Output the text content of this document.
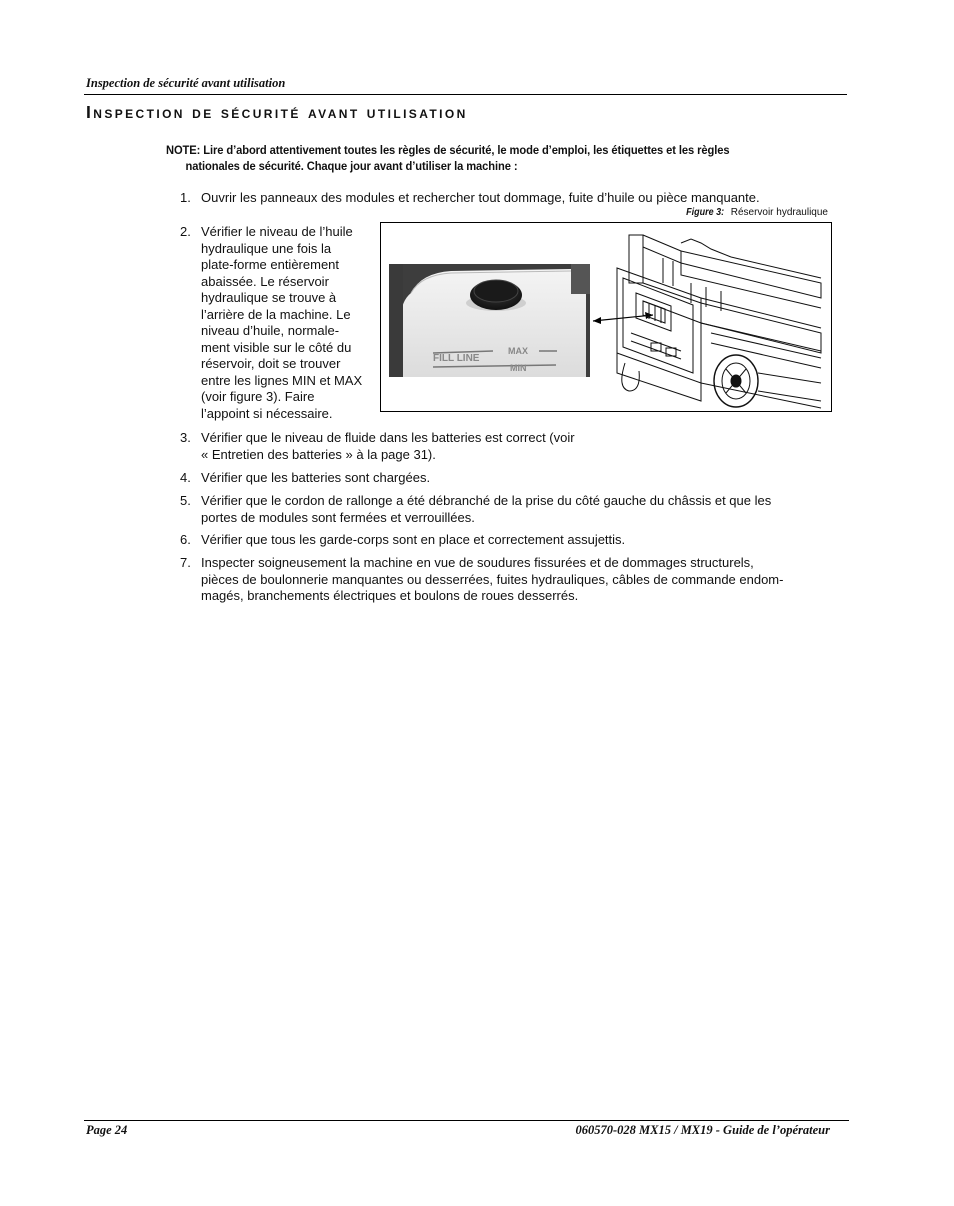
Inspection de sécurité avant utilisation
Inspection de sécurité avant utilisation
NOTE: Lire d’abord attentivement toutes les règles de sécurité, le mode d’emploi, les étiquettes et les règles
nationales de sécurité. Chaque jour avant d’utiliser la machine :
1. Ouvrir les panneaux des modules et rechercher tout dommage, fuite d’huile ou pièce manquante.
Figure 3: Réservoir hydraulique
2. Vérifier le niveau de l’huile
hydraulique une fois la
plate-forme entièrement
abaissée. Le réservoir
hydraulique se trouve à
l’arrière de la machine. Le
niveau d’huile, normale-
ment visible sur le côté du
réservoir, doit se trouver
entre les lignes MIN et MAX
(voir figure 3). Faire
l’appoint si nécessaire.
FILL LINE
MAX
MIN
3. Vérifier que le niveau de fluide dans les batteries est correct (voir
« Entretien des batteries » à la page 31).
4. Vérifier que les batteries sont chargées.
5. Vérifier que le cordon de rallonge a été débranché de la prise du côté gauche du châssis et que les
portes de modules sont fermées et verrouillées.
6. Vérifier que tous les garde-corps sont en place et correctement assujettis.
7. Inspecter soigneusement la machine en vue de soudures fissurées et de dommages structurels,
pièces de boulonnerie manquantes ou desserrées, fuites hydrauliques, câbles de commande endom-
magés, branchements électriques et boulons de roues desserrés.
Page 24	060570-028 MX15 / MX19 - Guide de l’opérateur
